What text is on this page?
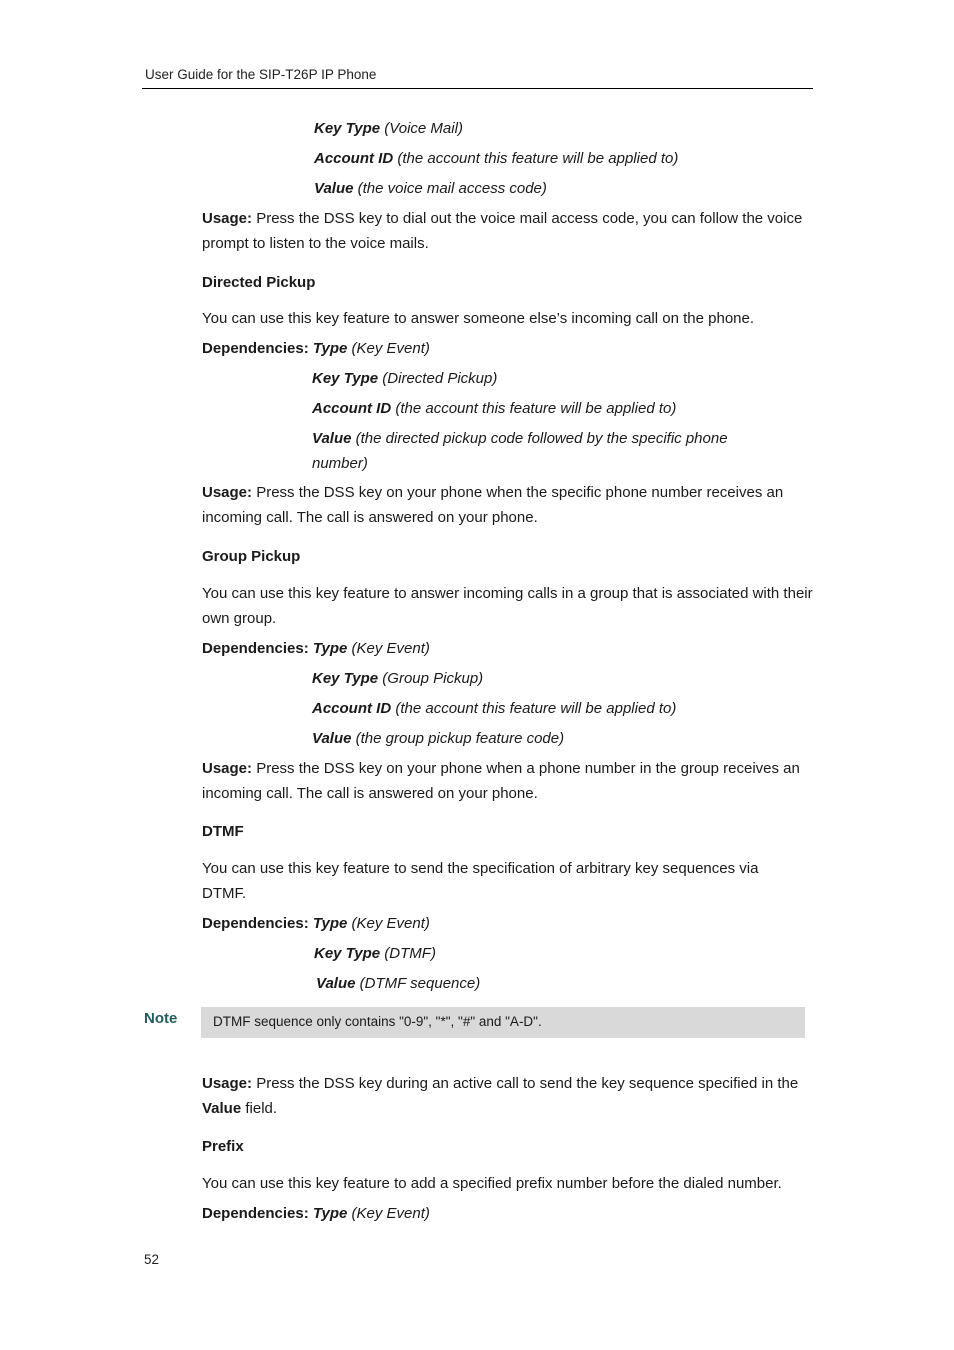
User Guide for the SIP-T26P IP Phone
Key Type (Voice Mail)
Account ID (the account this feature will be applied to)
Value (the voice mail access code)
Usage: Press the DSS key to dial out the voice mail access code, you can follow the voice prompt to listen to the voice mails.
Directed Pickup
You can use this key feature to answer someone else’s incoming call on the phone.
Dependencies: Type (Key Event)
Key Type (Directed Pickup)
Account ID (the account this feature will be applied to)
Value (the directed pickup code followed by the specific phone number)
Usage: Press the DSS key on your phone when the specific phone number receives an incoming call. The call is answered on your phone.
Group Pickup
You can use this key feature to answer incoming calls in a group that is associated with their own group.
Dependencies: Type (Key Event)
Key Type (Group Pickup)
Account ID (the account this feature will be applied to)
Value (the group pickup feature code)
Usage: Press the DSS key on your phone when a phone number in the group receives an incoming call. The call is answered on your phone.
DTMF
You can use this key feature to send the specification of arbitrary key sequences via DTMF.
Dependencies: Type (Key Event)
Key Type (DTMF)
Value (DTMF sequence)
Note	DTMF sequence only contains "0-9", "*", "#" and "A-D".
Usage: Press the DSS key during an active call to send the key sequence specified in the Value field.
Prefix
You can use this key feature to add a specified prefix number before the dialed number.
Dependencies: Type (Key Event)
52
